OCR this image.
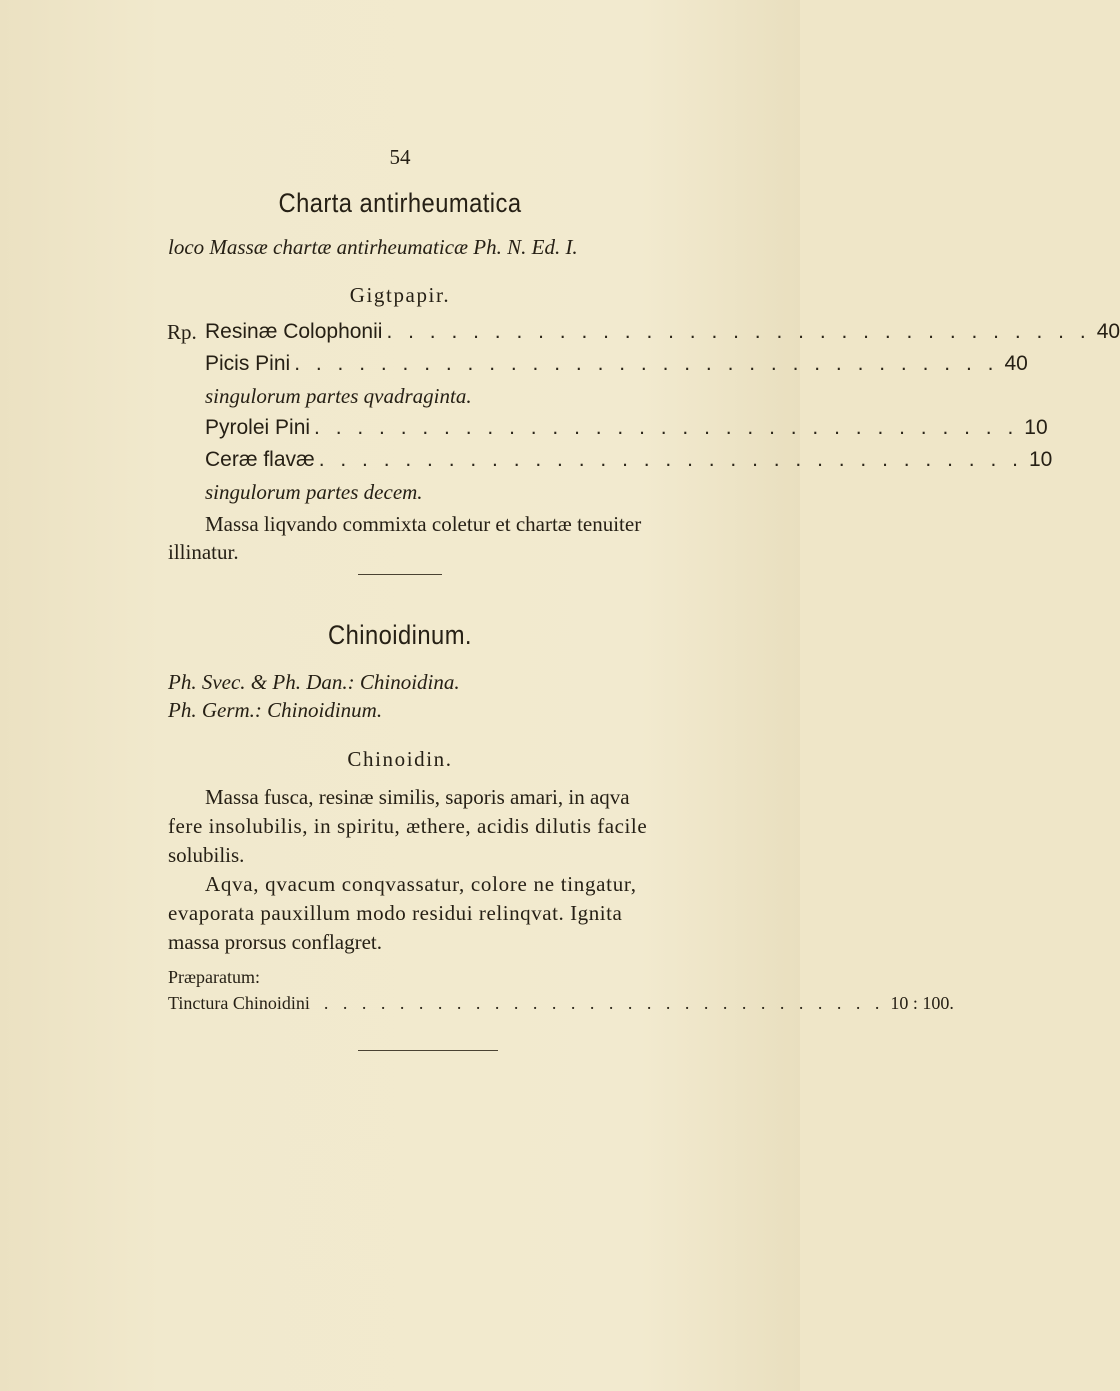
54
Charta antirheumatica
loco Massæ chartæ antirheumaticæ Ph. N. Ed. I.
Gigtpapir.
Rp. Resinæ Colophonii . . . . . . . . . . . . . . . . . . . . . . . . . . . . . . . . . 40
Picis Pini . . . . . . . . . . . . . . . . . . . . . . . . . . . . . . . . . 40
singulorum partes qvadraginta.
Pyrolei Pini . . . . . . . . . . . . . . . . . . . . . . . . . . . . . . . . . 10
Ceræ flavæ . . . . . . . . . . . . . . . . . . . . . . . . . . . . . . . . . 10
singulorum partes decem.
Massa liqvando commixta coletur et chartæ tenuiter
illinatur.
Chinoidinum.
Ph. Svec. & Ph. Dan.: Chinoidina.
Ph. Germ.: Chinoidinum.
Chinoidin.
Massa fusca, resinæ similis, saporis amari, in aqva
fere insolubilis, in spiritu, æthere, acidis dilutis facile
solubilis.
Aqva, qvacum conqvassatur, colore ne tingatur,
evaporata pauxillum modo residui relinqvat. Ignita
massa prorsus conflagret.
Præparatum:
Tinctura Chinoidini . . . . . . . . . . . . . . . . . . . . . . . . . . . . . . 10 : 100.
